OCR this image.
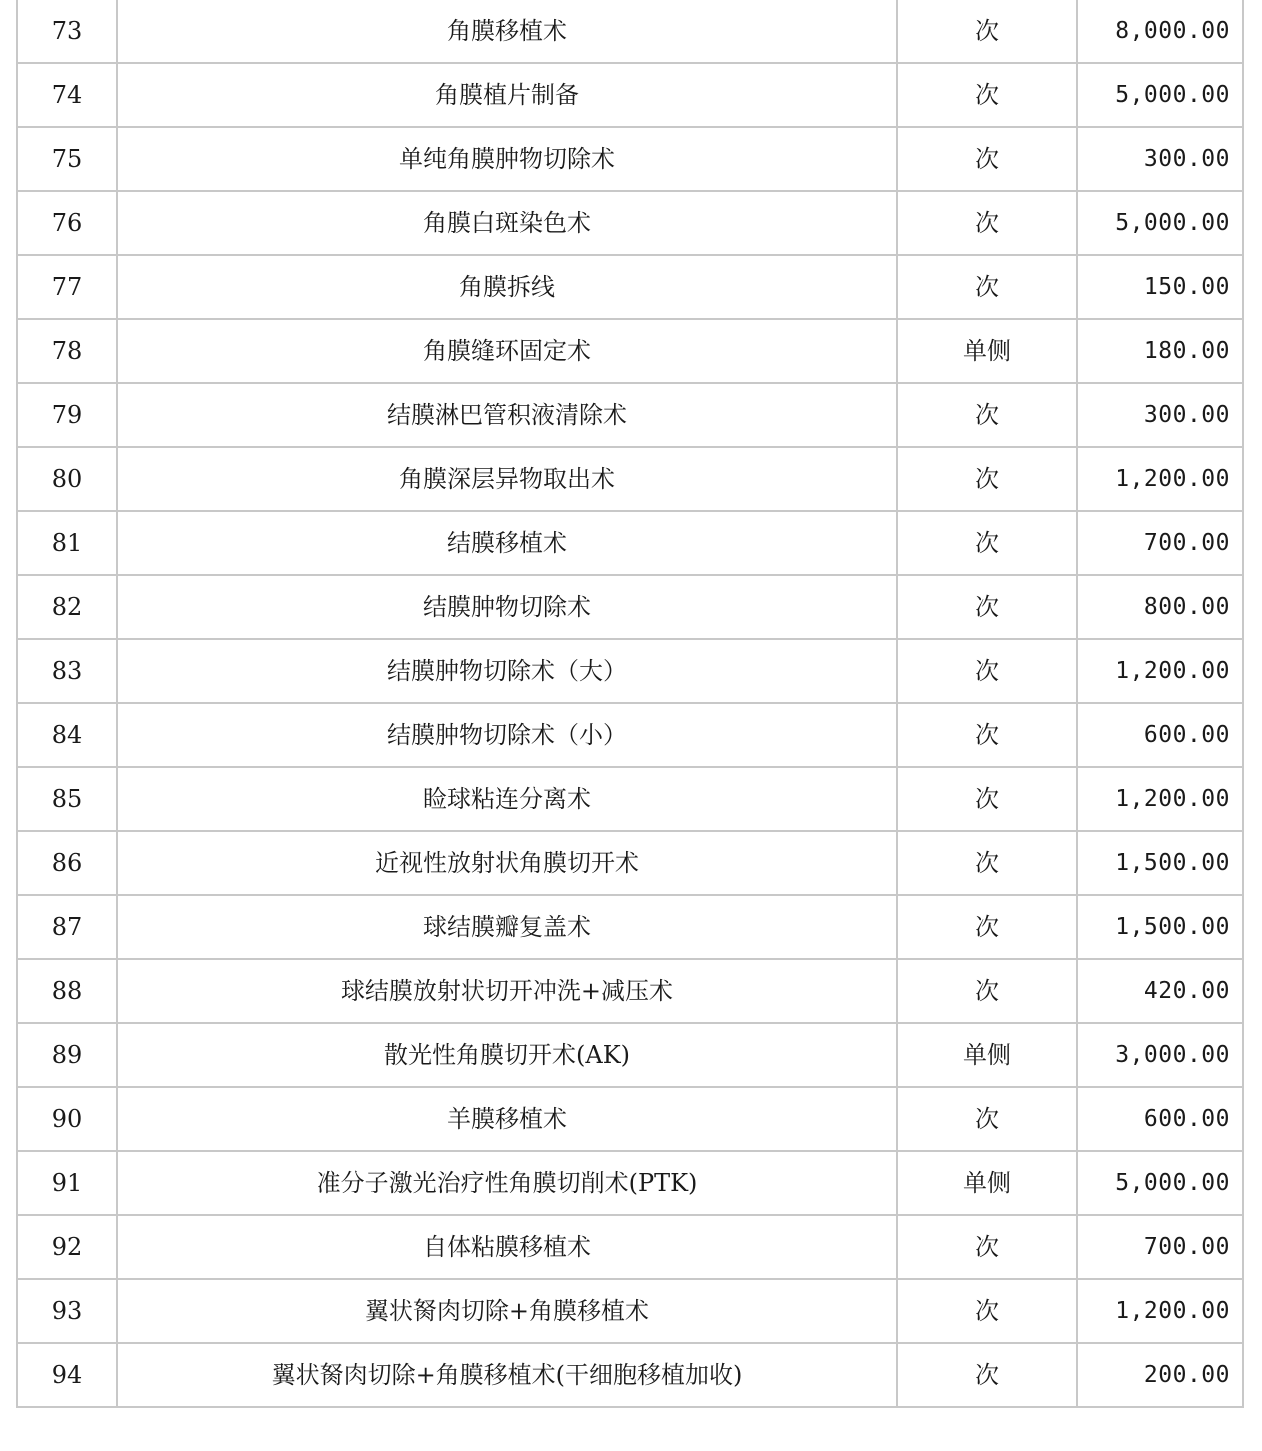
73	角膜移植术	次	8,000.00
74	角膜植片制备	次	5,000.00
75	单纯角膜肿物切除术	次	300.00
76	角膜白斑染色术	次	5,000.00
77	角膜拆线	次	150.00
78	角膜缝环固定术	单侧	180.00
79	结膜淋巴管积液清除术	次	300.00
80	角膜深层异物取出术	次	1,200.00
81	结膜移植术	次	700.00
82	结膜肿物切除术	次	800.00
83	结膜肿物切除术（大）	次	1,200.00
84	结膜肿物切除术（小）	次	600.00
85	睑球粘连分离术	次	1,200.00
86	近视性放射状角膜切开术	次	1,500.00
87	球结膜瓣复盖术	次	1,500.00
88	球结膜放射状切开冲洗+减压术	次	420.00
89	散光性角膜切开术(AK)	单侧	3,000.00
90	羊膜移植术	次	600.00
91	准分子激光治疗性角膜切削术(PTK)	单侧	5,000.00
92	自体粘膜移植术	次	700.00
93	翼状胬肉切除+角膜移植术	次	1,200.00
94	翼状胬肉切除+角膜移植术(干细胞移植加收)	次	200.00
